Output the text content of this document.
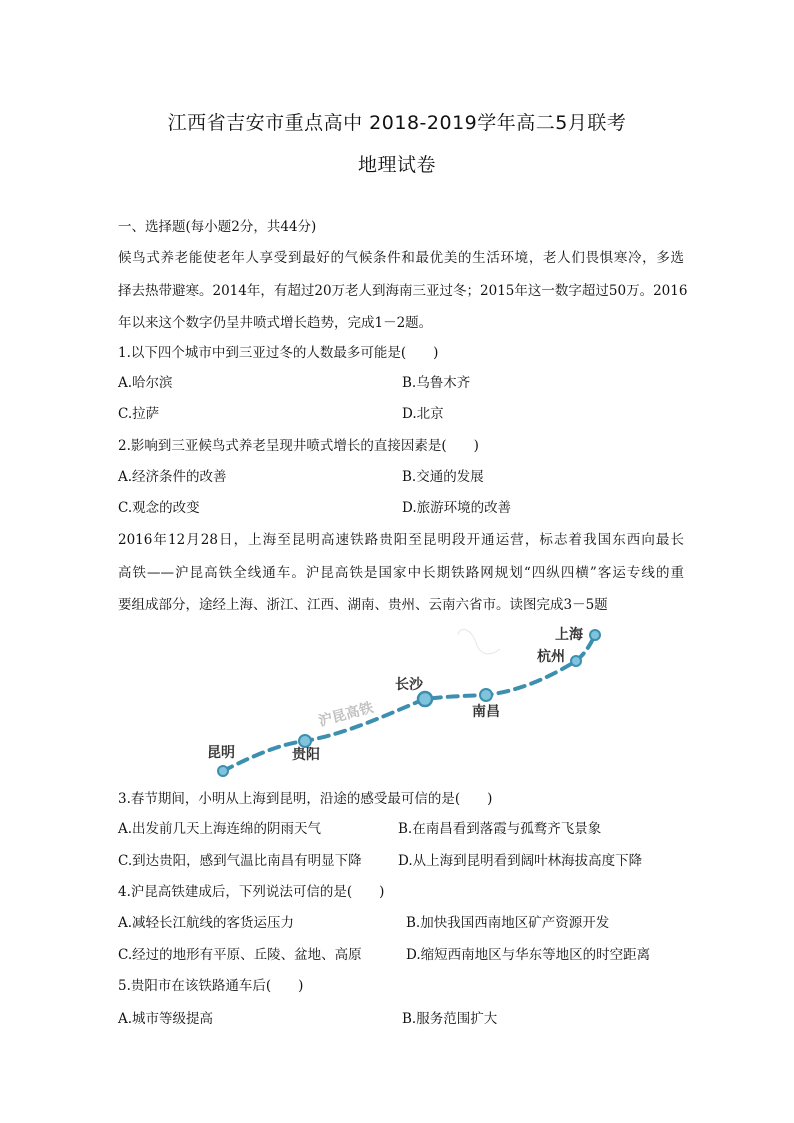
江西省吉安市重点高中 2018-2019学年高二5月联考
地理试卷
一、选择题(每小题2分，共44分)
候鸟式养老能使老年人享受到最好的气候条件和最优美的生活环境，老人们畏惧寒冷，多选
择去热带避寒。2014年，有超过20万老人到海南三亚过冬；2015年这一数字超过50万。2016
年以来这个数字仍呈井喷式增长趋势，完成1－2题。
1.以下四个城市中到三亚过冬的人数最多可能是(　　)
A.哈尔滨	B.乌鲁木齐
C.拉萨	D.北京
2.影响到三亚候鸟式养老呈现井喷式增长的直接因素是(　　)
A.经济条件的改善	B.交通的发展
C.观念的改变	D.旅游环境的改善
2016年12月28日，上海至昆明高速铁路贵阳至昆明段开通运营，标志着我国东西向最长
高铁——沪昆高铁全线通车。沪昆高铁是国家中长期铁路网规划“四纵四横”客运专线的重
要组成部分，途经上海、浙江、江西、湖南、贵州、云南六省市。读图完成3－5题
沪昆高铁
上海
杭州
长沙
南昌
贵阳
昆明
3.春节期间，小明从上海到昆明，沿途的感受最可信的是(　　)
A.出发前几天上海连绵的阴雨天气	B.在南昌看到落霞与孤鹜齐飞景象
C.到达贵阳，感到气温比南昌有明显下降	D.从上海到昆明看到阔叶林海拔高度下降
4.沪昆高铁建成后，下列说法可信的是(　　)
A.减轻长江航线的客货运压力	B.加快我国西南地区矿产资源开发
C.经过的地形有平原、丘陵、盆地、高原	D.缩短西南地区与华东等地区的时空距离
5.贵阳市在该铁路通车后(　　)
A.城市等级提高	B.服务范围扩大
